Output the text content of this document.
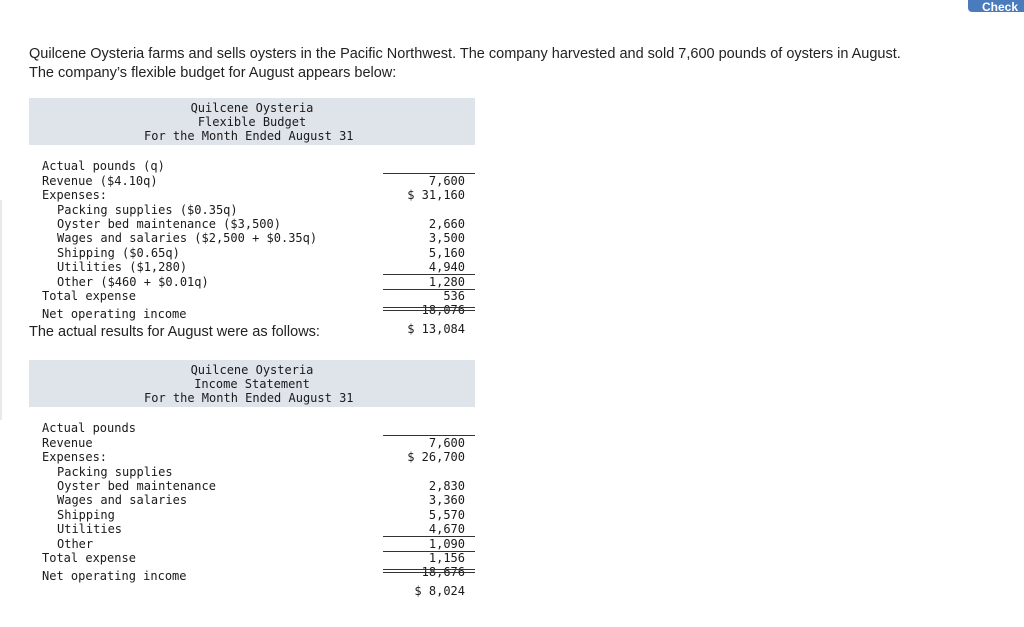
Check
Quilcene Oysteria farms and sells oysters in the Pacific Northwest. The company harvested and sold 7,600 pounds of oysters in August. The company’s flexible budget for August appears below:
Quilcene Oysteria
Flexible Budget
For the Month Ended August 31

Actual pounds (q)

7,600

Revenue ($4.10q)

$ 31,160

Expenses:

Packing supplies ($0.35q)

2,660

Oyster bed maintenance ($3,500)

3,500

Wages and salaries ($2,500 + $0.35q)

5,160

Shipping ($0.65q)

4,940

Utilities ($1,280)

1,280

Other ($460 + $0.01q)

536

Total expense

18,076

Net operating income

$ 13,084

The actual results for August were as follows:
Quilcene Oysteria
Income Statement
For the Month Ended August 31

Actual pounds

7,600

Revenue

$ 26,700

Expenses:

Packing supplies

2,830

Oyster bed maintenance

3,360

Wages and salaries

5,570

Shipping

4,670

Utilities

1,090

Other

1,156

Total expense

18,676

Net operating income

$ 8,024
